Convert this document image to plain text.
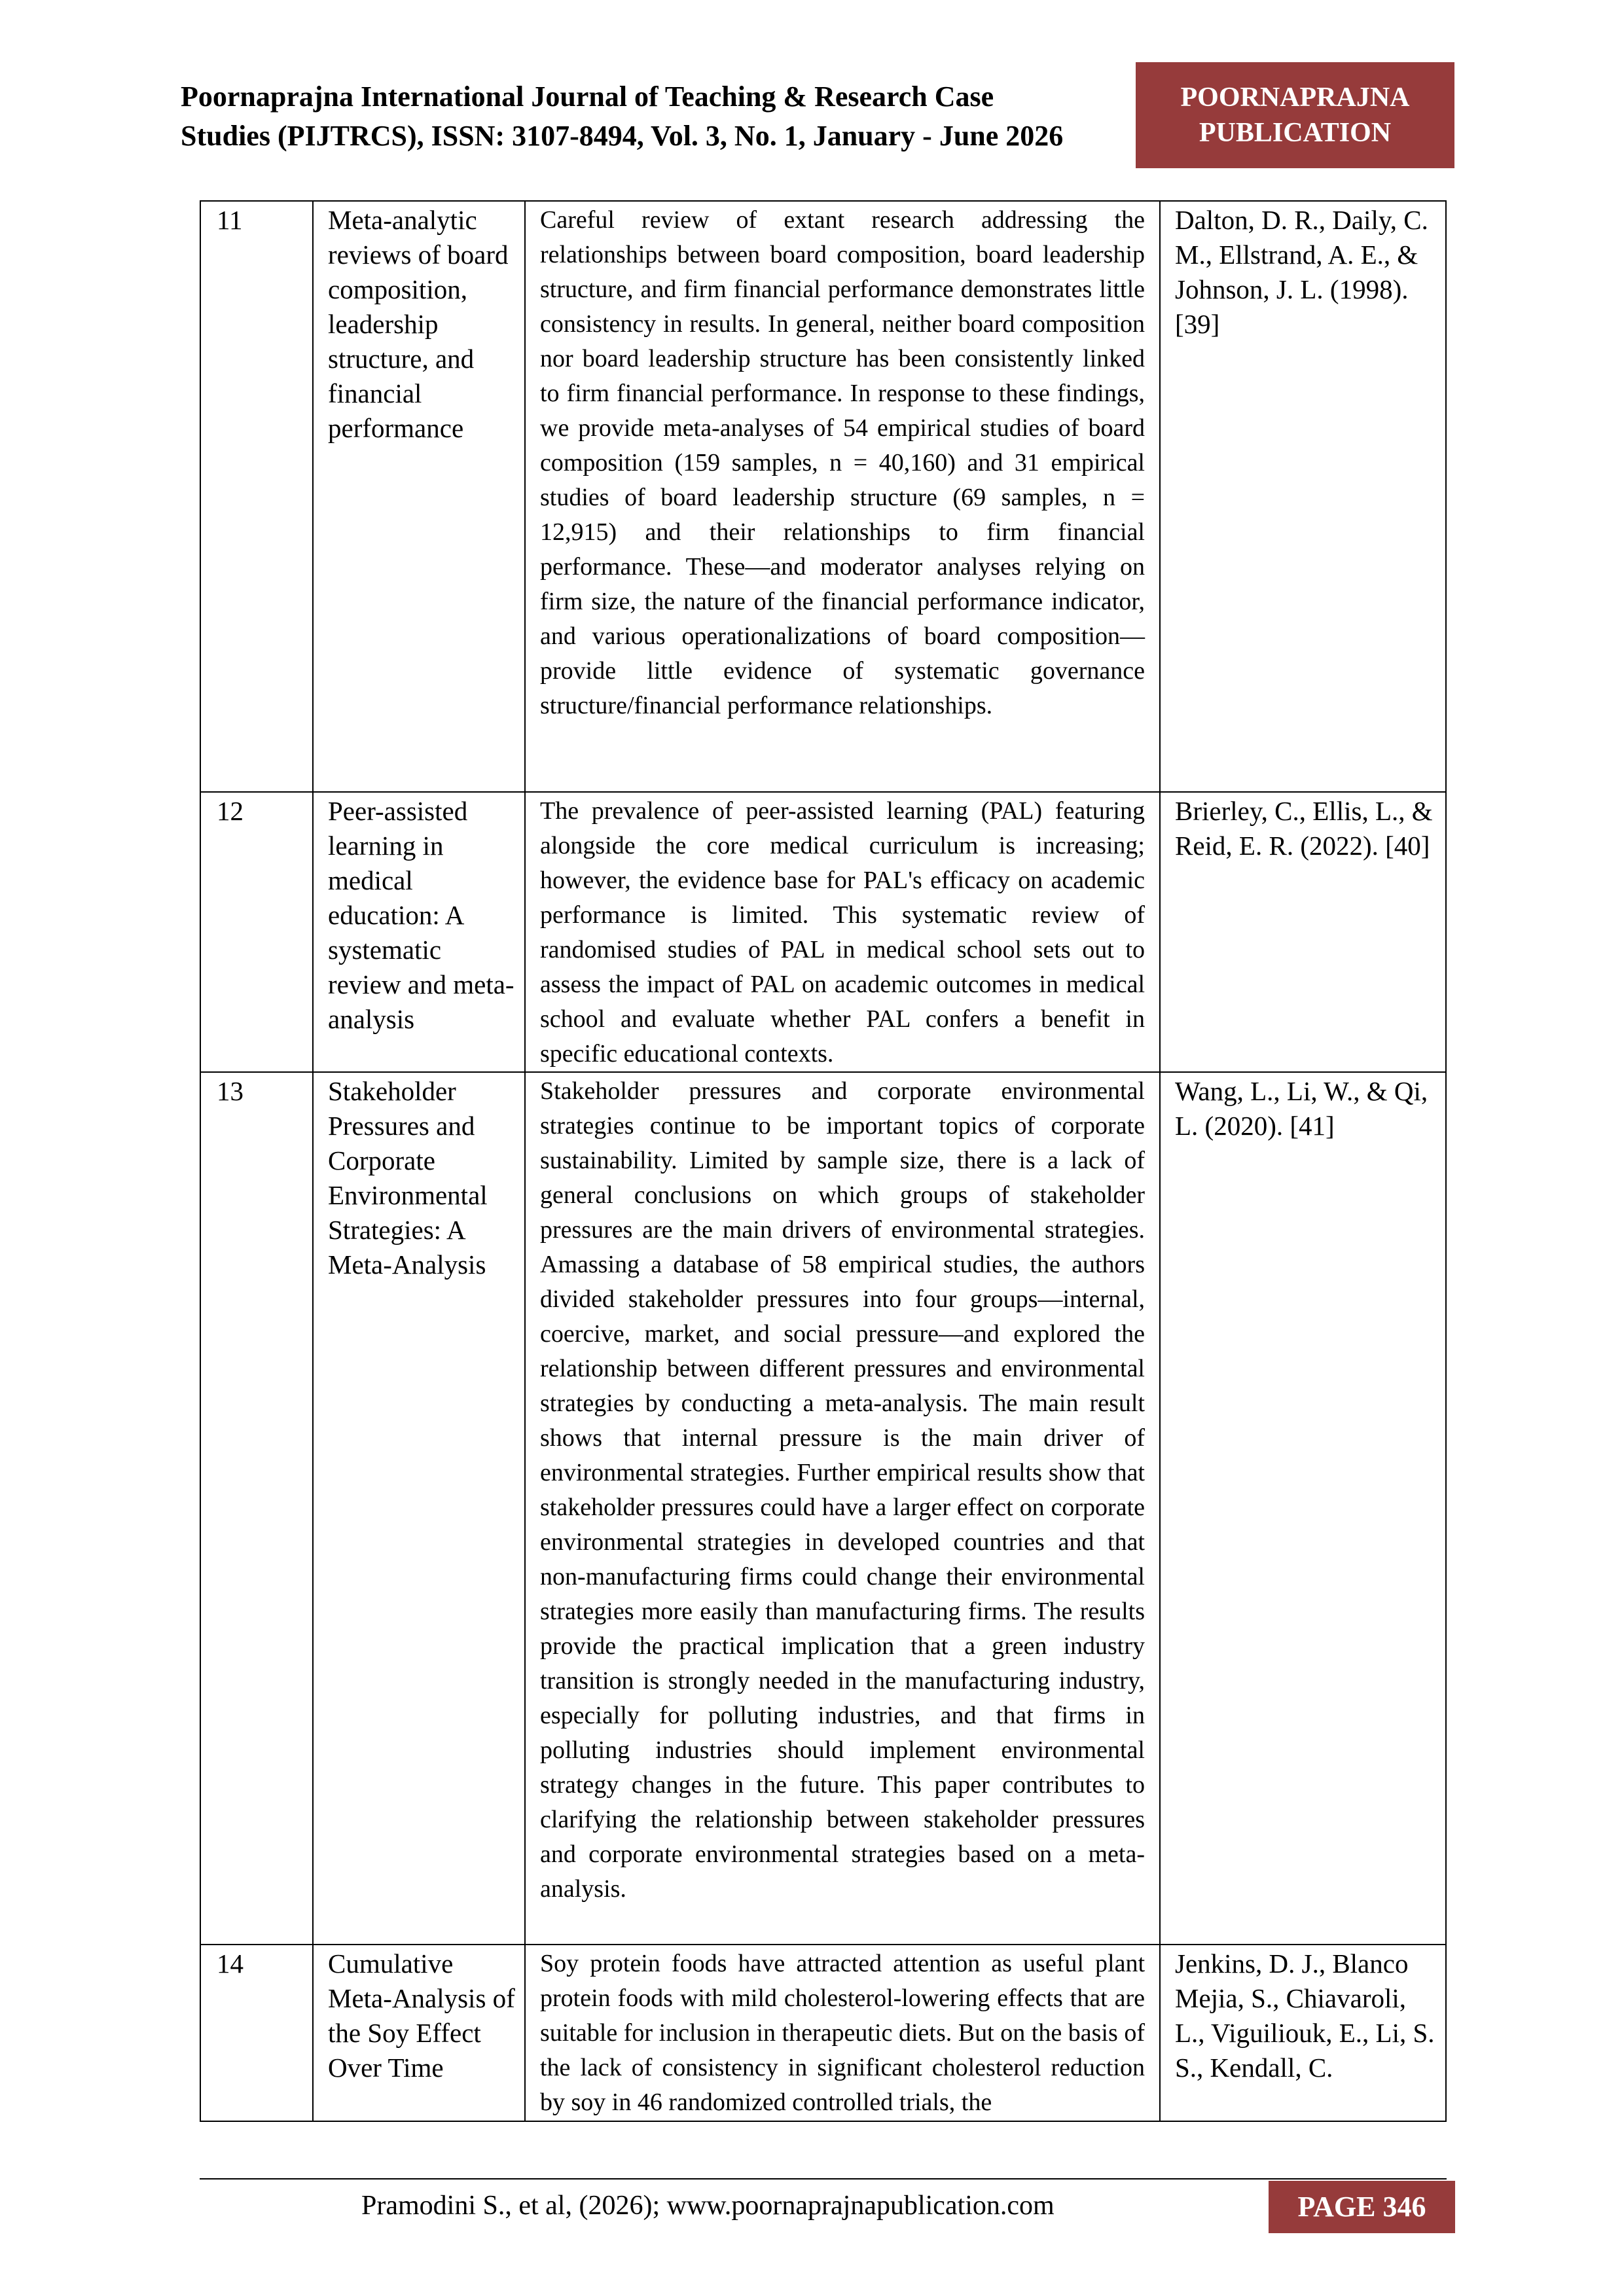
Poornaprajna International Journal of Teaching & Research Case
Studies (PIJTRCS), ISSN: 3107-8494, Vol. 3, No. 1, January - June 2026
POORNAPRAJNA
PUBLICATION
11	Meta-analytic reviews of board composition, leadership structure, and financial performance	Careful review of extant research addressing the relationships between board composition, board leadership structure, and firm financial performance demonstrates little consistency in results. In general, neither board composition nor board leadership structure has been consistently linked to firm financial performance. In response to these findings, we provide meta-analyses of 54 empirical studies of board composition (159 samples, n = 40,160) and 31 empirical studies of board leadership structure (69 samples, n = 12,915) and their relationships to firm financial performance. These—and moderator analyses relying on firm size, the nature of the financial performance indicator, and various operationalizations of board composition—provide little evidence of systematic governance structure/financial performance relationships.	Dalton, D. R., Daily, C. M., Ellstrand, A. E., & Johnson, J. L. (1998). [39]
12	Peer-assisted learning in medical education: A systematic review and meta-analysis	The prevalence of peer-assisted learning (PAL) featuring alongside the core medical curriculum is increasing; however, the evidence base for PAL's efficacy on academic performance is limited. This systematic review of randomised studies of PAL in medical school sets out to assess the impact of PAL on academic outcomes in medical school and evaluate whether PAL confers a benefit in specific educational contexts.	Brierley, C., Ellis, L., & Reid, E. R. (2022). [40]
13	Stakeholder Pressures and Corporate Environmental Strategies: A Meta-Analysis	Stakeholder pressures and corporate environmental strategies continue to be important topics of corporate sustainability. Limited by sample size, there is a lack of general conclusions on which groups of stakeholder pressures are the main drivers of environmental strategies. Amassing a database of 58 empirical studies, the authors divided stakeholder pressures into four groups—internal, coercive, market, and social pressure—and explored the relationship between different pressures and environmental strategies by conducting a meta-analysis. The main result shows that internal pressure is the main driver of environmental strategies. Further empirical results show that stakeholder pressures could have a larger effect on corporate environmental strategies in developed countries and that non-manufacturing firms could change their environmental strategies more easily than manufacturing firms. The results provide the practical implication that a green industry transition is strongly needed in the manufacturing industry, especially for polluting industries, and that firms in polluting industries should implement environmental strategy changes in the future. This paper contributes to clarifying the relationship between stakeholder pressures and corporate environmental strategies based on a meta-analysis.	Wang, L., Li, W., & Qi, L. (2020). [41]
14	Cumulative Meta-Analysis of the Soy Effect Over Time	Soy protein foods have attracted attention as useful plant protein foods with mild cholesterol-lowering effects that are suitable for inclusion in therapeutic diets. But on the basis of the lack of consistency in significant cholesterol reduction by soy in 46 randomized controlled trials, the	Jenkins, D. J., Blanco Mejia, S., Chiavaroli, L., Viguiliouk, E., Li, S. S., Kendall, C.
Pramodini S., et al, (2026); www.poornaprajnapublication.com	PAGE 346
